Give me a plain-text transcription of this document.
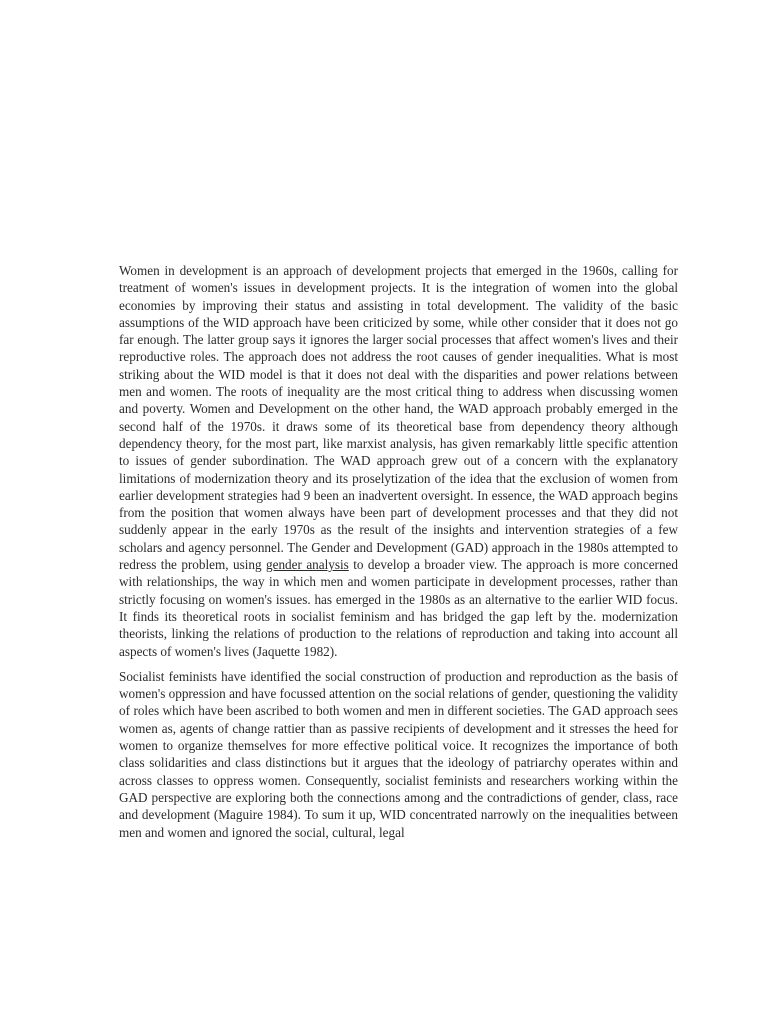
Women in development is an approach of development projects that emerged in the 1960s, calling for treatment of women's issues in development projects. It is the integration of women into the global economies by improving their status and assisting in total development. The validity of the basic assumptions of the WID approach have been criticized by some, while other consider that it does not go far enough. The latter group says it ignores the larger social processes that affect women's lives and their reproductive roles. The approach does not address the root causes of gender inequalities. What is most striking about the WID model is that it does not deal with the disparities and power relations between men and women. The roots of inequality are the most critical thing to address when discussing women and poverty. Women and Development on the other hand, the WAD approach probably emerged in the second half of the 1970s. it draws some of its theoretical base from dependency theory although dependency theory, for the most part, like marxist analysis, has given remarkably little specific attention to issues of gender subordination. The WAD approach grew out of a concern with the explanatory limitations of modernization theory and its proselytization of the idea that the exclusion of women from earlier development strategies had 9 been an inadvertent oversight. In essence, the WAD approach begins from the position that women always have been part of development processes and that they did not suddenly appear in the early 1970s as the result of the insights and intervention strategies of a few scholars and agency personnel. The Gender and Development (GAD) approach in the 1980s attempted to redress the problem, using gender analysis to develop a broader view. The approach is more concerned with relationships, the way in which men and women participate in development processes, rather than strictly focusing on women's issues. has emerged in the 1980s as an alternative to the earlier WID focus. It finds its theoretical roots in socialist feminism and has bridged the gap left by the. modernization theorists, linking the relations of production to the relations of reproduction and taking into account all aspects of women's lives (Jaquette 1982).

Socialist feminists have identified the social construction of production and reproduction as the basis of women's oppression and have focussed attention on the social relations of gender, questioning the validity of roles which have been ascribed to both women and men in different societies. The GAD approach sees women as, agents of change rattier than as passive recipients of development and it stresses the heed for women to organize themselves for more effective political voice. It recognizes the importance of both class solidarities and class distinctions but it argues that the ideology of patriarchy operates within and across classes to oppress women. Consequently, socialist feminists and researchers working within the GAD perspective are exploring both the connections among and the contradictions of gender, class, race and development (Maguire 1984). To sum it up, WID concentrated narrowly on the inequalities between men and women and ignored the social, cultural, legal
